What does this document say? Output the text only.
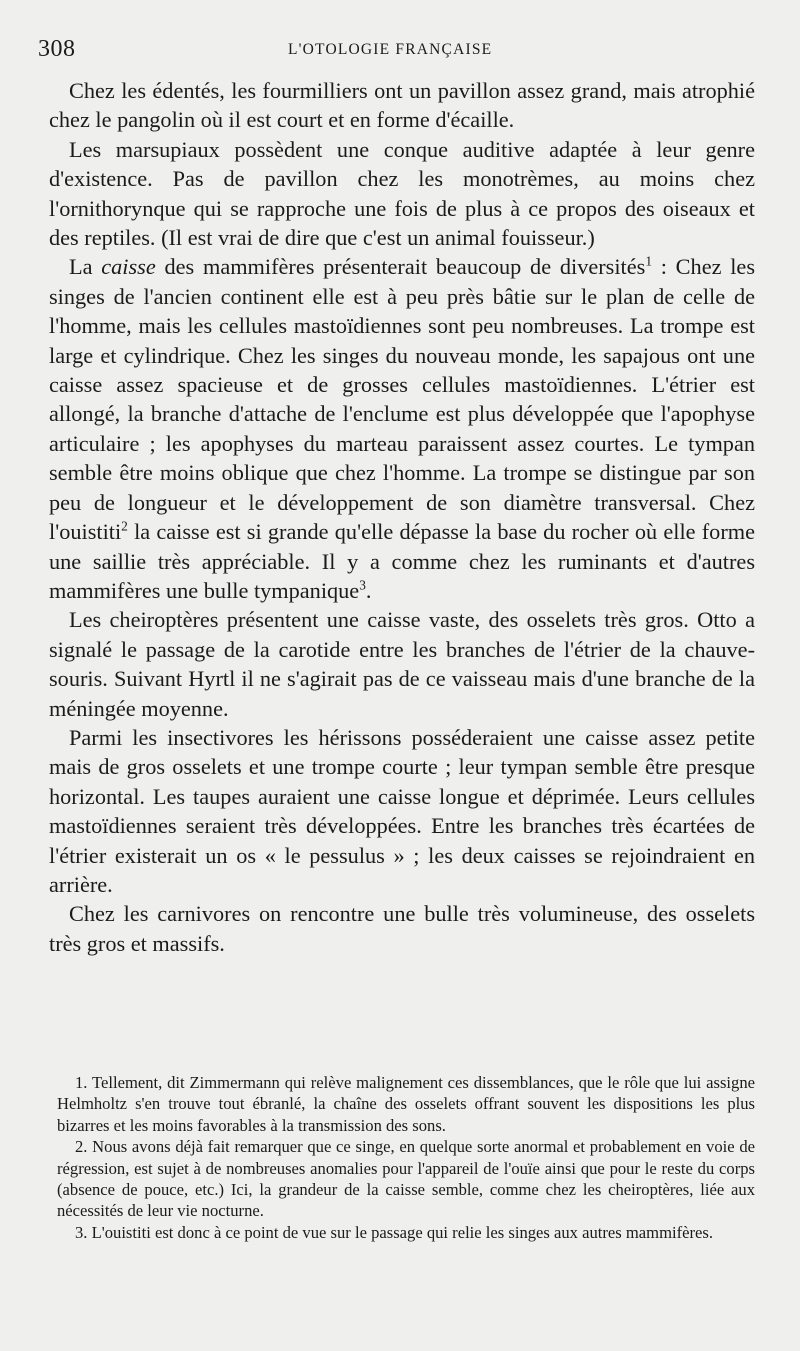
308	L'OTOLOGIE FRANÇAISE

Chez les édentés, les fourmilliers ont un pavillon assez grand, mais atrophié chez le pangolin où il est court et en forme d'écaille.

Les marsupiaux possèdent une conque auditive adaptée à leur genre d'existence. Pas de pavillon chez les monotrèmes, au moins chez l'ornithorynque qui se rapproche une fois de plus à ce propos des oiseaux et des reptiles. (Il est vrai de dire que c'est un animal fouisseur.)

La caisse des mammifères présenterait beaucoup de diversités$^1$ : Chez les singes de l'ancien continent elle est à peu près bâtie sur le plan de celle de l'homme, mais les cellules mastoïdiennes sont peu nombreuses. La trompe est large et cylindrique. Chez les singes du nouveau monde, les sapajous ont une caisse assez spacieuse et de grosses cellules mastoïdiennes. L'étrier est allongé, la branche d'attache de l'enclume est plus développée que l'apophyse articulaire ; les apophyses du marteau paraissent assez courtes. Le tympan semble être moins oblique que chez l'homme. La trompe se distingue par son peu de longueur et le développement de son diamètre transversal. Chez l'ouistiti$^2$ la caisse est si grande qu'elle dépasse la base du rocher où elle forme une saillie très appréciable. Il y a comme chez les ruminants et d'autres mammifères une bulle tympanique$^3$.

Les cheiroptères présentent une caisse vaste, des osselets très gros. Otto a signalé le passage de la carotide entre les branches de l'étrier de la chauve-souris. Suivant Hyrtl il ne s'agirait pas de ce vaisseau mais d'une branche de la méningée moyenne.

Parmi les insectivores les hérissons posséderaient une caisse assez petite mais de gros osselets et une trompe courte ; leur tympan semble être presque horizontal. Les taupes auraient une caisse longue et déprimée. Leurs cellules mastoïdiennes seraient très développées. Entre les branches très écartées de l'étrier existerait un os « le pessulus » ; les deux caisses se rejoindraient en arrière.

Chez les carnivores on rencontre une bulle très volumineuse, des osselets très gros et massifs.

1. Tellement, dit Zimmermann qui relève malignement ces dissemblances, que le rôle que lui assigne Helmholtz s'en trouve tout ébranlé, la chaîne des osselets offrant souvent les dispositions les plus bizarres et les moins favorables à la transmission des sons.

2. Nous avons déjà fait remarquer que ce singe, en quelque sorte anormal et probablement en voie de régression, est sujet à de nombreuses anomalies pour l'appareil de l'ouïe ainsi que pour le reste du corps (absence de pouce, etc.) Ici, la grandeur de la caisse semble, comme chez les cheiroptères, liée aux nécessités de leur vie nocturne.

3. L'ouistiti est donc à ce point de vue sur le passage qui relie les singes aux autres mammifères.
